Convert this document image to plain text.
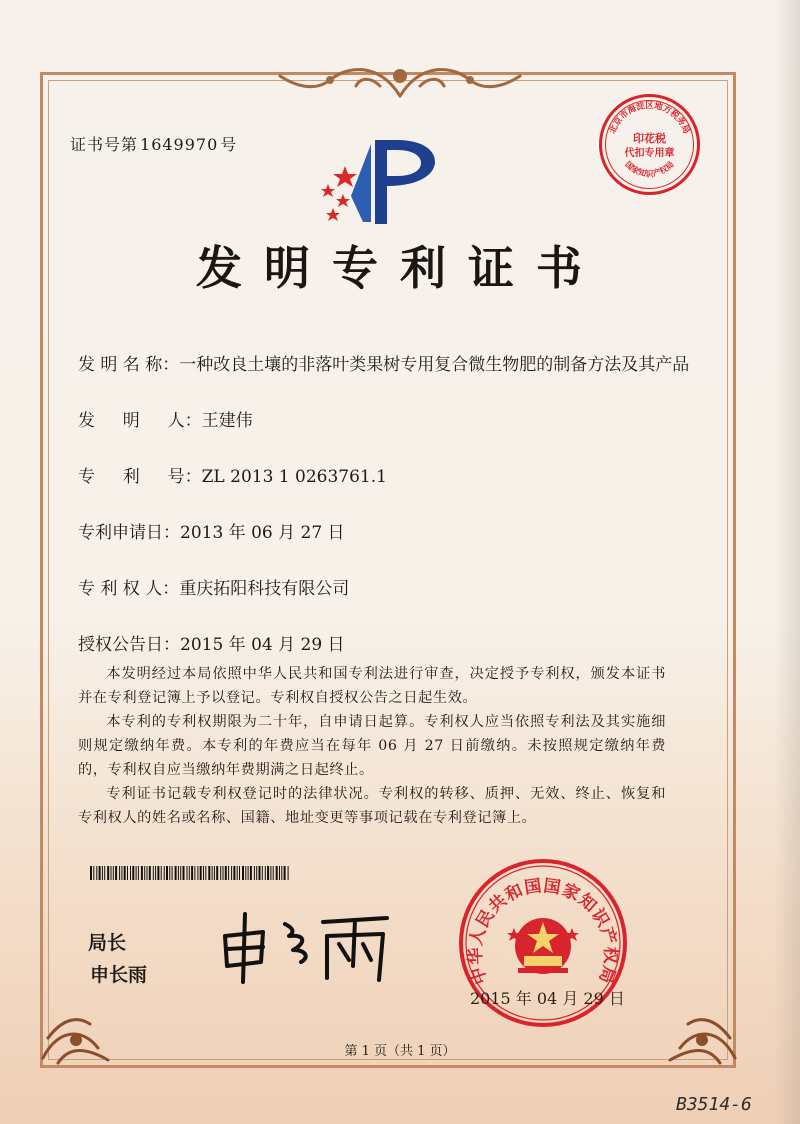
证书号第 1649970 号
北京市海淀区地方税务局
印花税
代扣专用章
国家知识产权局
发明专利证书
发 明 名 称：一种改良土壤的非落叶类果树专用复合微生物肥的制备方法及其产品
发 　 明 　 人：王建伟
专 　 利 　 号：ZL 2013 1 0263761.1
专利申请日：2013 年 06 月 27 日
专 利 权 人：重庆拓阳科技有限公司
授权公告日：2015 年 04 月 29 日

本发明经过本局依照中华人民共和国专利法进行审查，决定授予专利权，颁发本证书并在专利登记簿上予以登记。专利权自授权公告之日起生效。

本专利的专利权期限为二十年，自申请日起算。专利权人应当依照专利法及其实施细则规定缴纳年费。本专利的年费应当在每年 06 月 27 日前缴纳。未按照规定缴纳年费的，专利权自应当缴纳年费期满之日起终止。

专利证书记载专利权登记时的法律状况。专利权的转移、质押、无效、终止、恢复和专利权人的姓名或名称、国籍、地址变更等事项记载在专利登记簿上。

局长
申长雨	中华人民共和国国家知识产权局
2015 年 04 月 29 日
第 1 页（共 1 页）
B3514-6
